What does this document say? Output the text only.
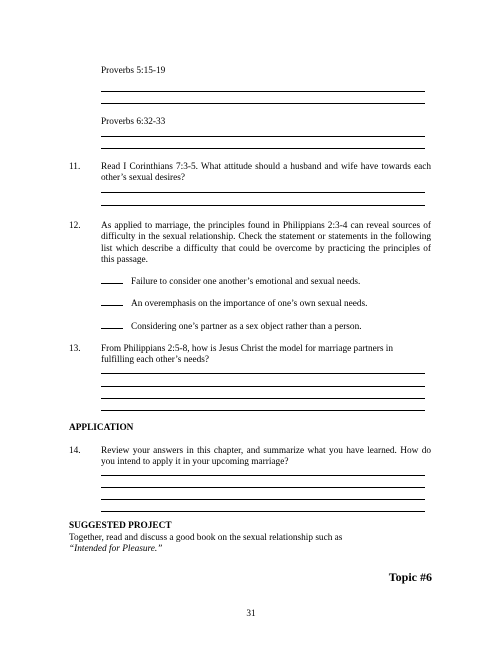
Proverbs 5:15-19
Proverbs 6:32-33
11. Read I Corinthians 7:3-5. What attitude should a husband and wife have towards each other’s sexual desires?
12. As applied to marriage, the principles found in Philippians 2:3-4 can reveal sources of difficulty in the sexual relationship. Check the statement or statements in the following list which describe a difficulty that could be overcome by practicing the principles of this passage.
Failure to consider one another’s emotional and sexual needs.
An overemphasis on the importance of one’s own sexual needs.
Considering one’s partner as a sex object rather than a person.
13. From Philippians 2:5-8, how is Jesus Christ the model for marriage partners in fulfilling each other’s needs?
APPLICATION
14. Review your answers in this chapter, and summarize what you have learned. How do you intend to apply it in your upcoming marriage?
SUGGESTED PROJECT
Together, read and discuss a good book on the sexual relationship such as “Intended for Pleasure.”
Topic #6
31
